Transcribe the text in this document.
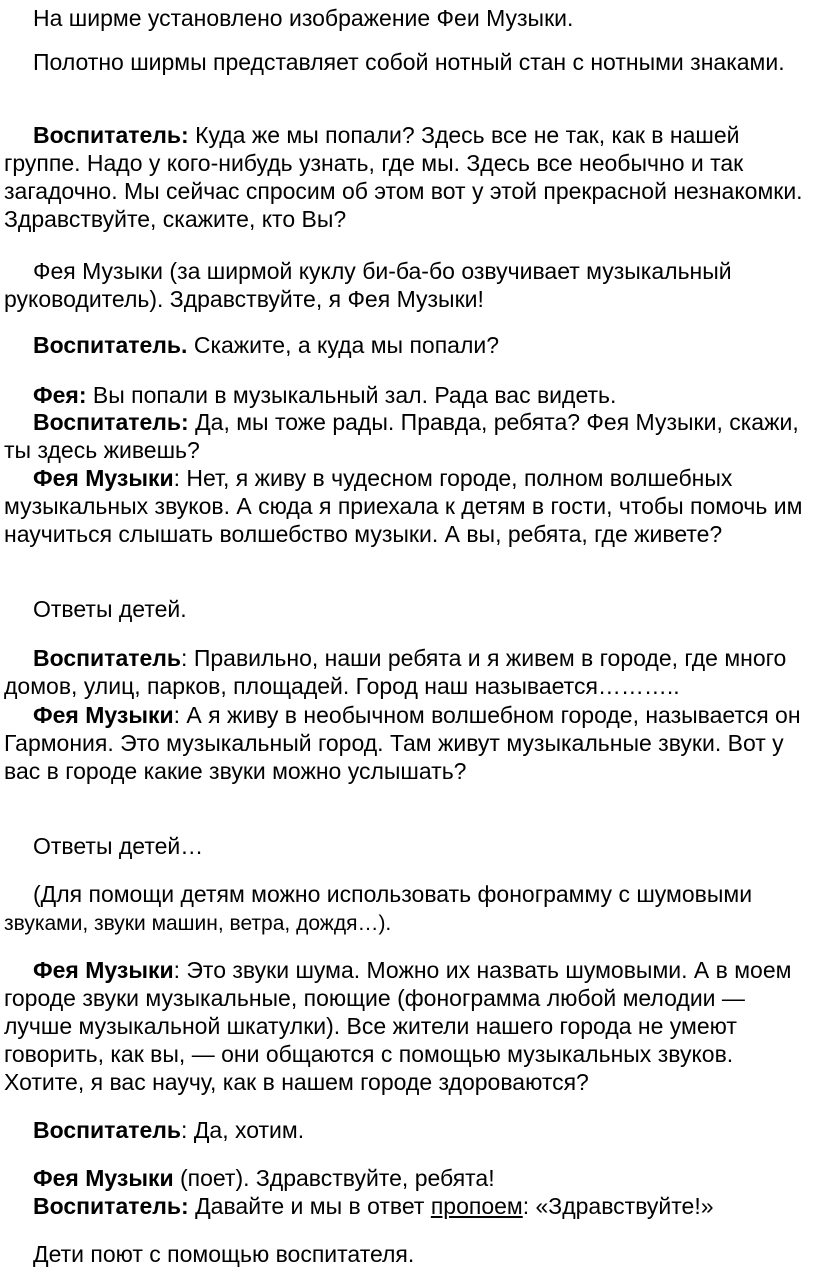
На ширме установлено изображение Феи Музыки.

Полотно ширмы представляет собой нотный стан с нотными знаками.

Воспитатель: Куда же мы попали? Здесь все не так, как в нашей группе. Надо у кого-нибудь узнать, где мы. Здесь все необычно и так загадочно. Мы сейчас спросим об этом вот у этой прекрасной незнакомки. Здравствуйте, скажите, кто Вы?

Фея Музыки (за ширмой куклу би-ба-бо озвучивает музыкальный руководитель). Здравствуйте, я Фея Музыки!

Воспитатель. Скажите, а куда мы попали?

Фея: Вы попали в музыкальный зал. Рада вас видеть.

Воспитатель: Да, мы тоже рады. Правда, ребята? Фея Музыки, скажи, ты здесь живешь?

Фея Музыки: Нет, я живу в чудесном городе, полном волшебных музыкальных звуков. А сюда я приехала к детям в гости, чтобы помочь им научиться слышать волшебство музыки. А вы, ребята, где живете?

Ответы детей.

Воспитатель: Правильно, наши ребята и я живем в городе, где много домов, улиц, парков, площадей. Город наш называется………..

Фея Музыки: А я живу в необычном волшебном городе, называется он Гармония. Это музыкальный город. Там живут музыкальные звуки. Вот у вас в городе какие звуки можно услышать?

Ответы детей…

(Для помощи детям можно использовать фонограмму с шумовыми звуками, звуки машин, ветра, дождя…).

Фея Музыки: Это звуки шума. Можно их назвать шумовыми. А в моем городе звуки музыкальные, поющие (фонограмма любой мелодии — лучше музыкальной шкатулки). Все жители нашего города не умеют говорить, как вы, — они общаются с помощью музыкальных звуков. Хотите, я вас научу, как в нашем городе здороваются?

Воспитатель: Да, хотим.

Фея Музыки (поет). Здравствуйте, ребята!

Воспитатель: Давайте и мы в ответ пропоем: «Здравствуйте!»

Дети поют с помощью воспитателя.
